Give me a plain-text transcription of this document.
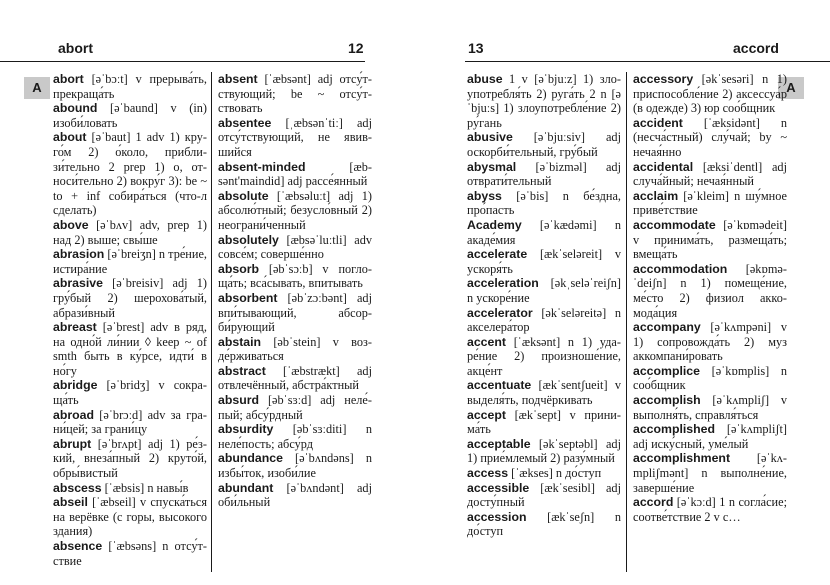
abort	12
A

abort [əˈbɔːt] v прерыва́ть, прекраща́ть

abound [əˈbaund] v (in) изоби́ловать

about [əˈbaut] 1 adv 1) круго́м 2) о́коло, приблизи́тельно 2 prep 1) о, относи́тельно 2) вокру́г 3): be ~ to + inf собира́ться (что-л сделать)

above [əˈbʌv] adv, prep 1) над 2) выше; свы́ше

abrasion [əˈbreiʒn] n тре́ние, истира́ние

abrasive [əˈbreisiv] adj 1) гру́бый 2) шерохова́тый, абрази́вный

abreast [əˈbrest] adv в ряд, на одно́й ли́нии ◊ keep ~ of smth быть в ку́рсе, идти́ в но́гу

abridge [əˈbridʒ] v сокраща́ть

abroad [əˈbrɔːd] adv за грани́цей; за грани́цу

abrupt [əˈbrʌpt] adj 1) ре́зкий, внеза́пный 2) круто́й, обры́вистый

abscess [ˈæbsis] n навы́в

abseil [ˈæbseil] v спуска́ться на верёвке (с горы, высокого здания)

absence [ˈæbsəns] n отсу́тствие

absent [ˈæbsənt] adj отсу́тствующий; be ~ отсу́тствовать

absentee [ˌæbsənˈtiː] adj отсу́тствующий, не явившийся

absent-minded [æbsənt'maindid] adj рассе́янный

absolute [ˈæbsəluːt] adj 1) абсолю́тный; безусло́вный 2) неограни́ченный

absolutely [æbsəˈluːtli] adv совсе́м; соверше́нно

absorb [əbˈsɔːb] v поглoща́ть; вса́сывать, впитывать

absorbent [əbˈzɔːbənt] adj впи́тывающий, абсорби́рующий

abstain [əbˈstein] v возде́рживаться

abstract [ˈæbstrækt] adj отвлечённый, абстра́ктный

absurd [əbˈsɜːd] adj неле́пый; абсу́рдный

absurdity [əbˈsɜːditi] n неле́пость; абсу́рд

abundance [əˈbʌndəns] n избы́ток, изоби́лие

abundant [əˈbʌndənt] adj оби́льный

13	accord
A

abuse 1 v [əˈbjuːz] 1) злоупотребля́ть 2) руга́ть 2 n [əˈbjuːs] 1) злоупотребле́ние 2) ру́гань

abusive [əˈbjuːsiv] adj оскорби́тельный, гру́бый

abysmal [əˈbizməl] adj отврати́тельный

abyss [əˈbis] n бе́здна, про́пасть

Academy [əˈkædəmi] n акаде́мия

accelerate [ækˈseləreit] v ускоря́ть

acceleration [əkˌseləˈreiʃn] n ускоре́ние

accelerator [əkˈseləreitə] n акселера́тор

accent [ˈæksənt] n 1) ударе́ние 2) произноше́ние, акце́нт

accentuate [ækˈsentʃueit] v выделя́ть, подчёркивать

accept [ækˈsept] v принима́ть

acceptable [əkˈseptəbl] adj 1) прие́млемый 2) разу́мный

access [ˈækses] n до́ступ

accessible [ækˈsesibl] adj досту́пный

accession [ækˈseʃn] n до́ступ

accessory [əkˈsesəri] n 1) приспособле́ние 2) аксессуа́р (в одежде) 3) юр соо́бщник

accident [ˈæksidənt] n (несча́стный) слу́чай; by ~ нечая́нно

accidental [æksiˈdentl] adj случа́йный; нечая́нный

acclaim [əˈkleim] n шу́мное приве́тствие

accommodate [əˈkɒmədeit] v принима́ть, размеща́ть; вмеща́ть

accommodation [əkɒməˈdeiʃn] n 1) помеще́ние, ме́сто 2) физиол аккомода́ция

accompany [əˈkʌmpəni] v 1) сопровожда́ть 2) муз аккомпани́ровать

accomplice [əˈkɒmplis] n соо́бщник

accomplish [əˈkʌmpliʃ] v выполня́ть, справля́ться

accomplished [əˈkʌmpliʃt] adj иску́сный, уме́лый

accomplishment [əˈkʌmpliʃmənt] n выполне́ние, заверше́ние

accord [əˈkɔːd] 1 n согла́сие; соотве́тствие 2 v с…
